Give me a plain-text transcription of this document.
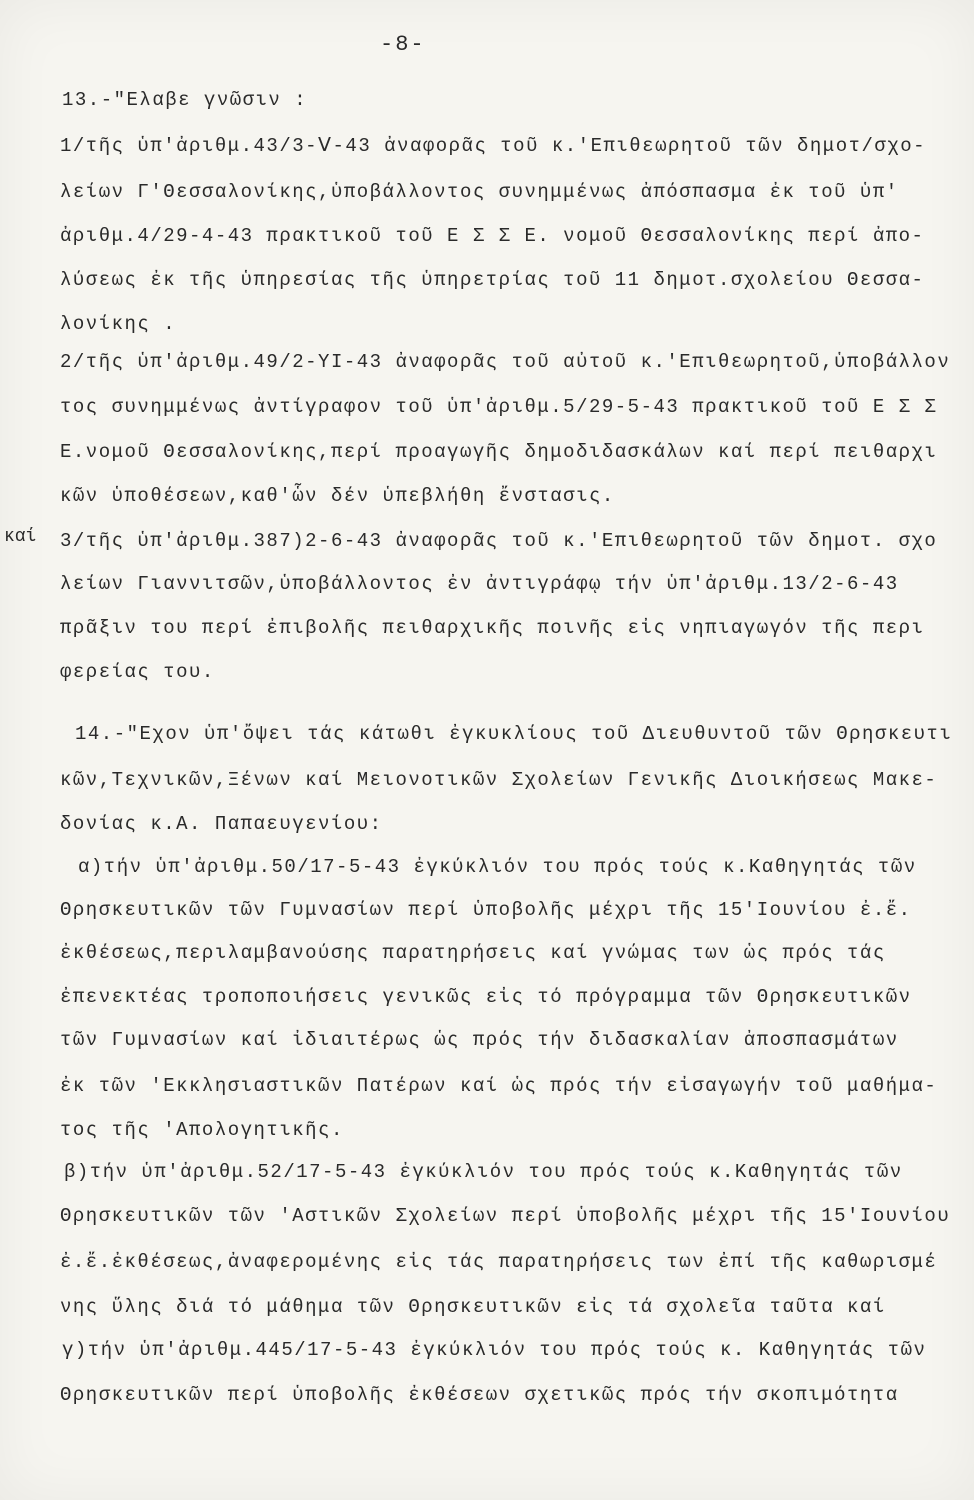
-8-
καί
13.-"Ελαβε γνῶσιν :
1/τῆς ὑπ'ἀριθμ.43/3-Ⅴ-43 ἀναφορᾶς τοῦ κ.'Επιθεωρητοῦ τῶν δημοτ/σχο-
λείων Γ'Θεσσαλονίκης,ὑποβάλλοντος συνημμένως ἀπόσπασμα ἐκ τοῦ ὑπ'
ἀριθμ.4/29-4-43 πρακτικοῦ τοῦ Ε Σ Σ Ε. νομοῦ Θεσσαλονίκης περί ἀπο-
λύσεως ἐκ τῆς ὑπηρεσίας τῆς ὑπηρετρίας τοῦ 11 δημοτ.σχολείου Θεσσα-
λονίκης .
2/τῆς ὑπ'ἀριθμ.49/2-ΥΙ-43 ἀναφορᾶς τοῦ αὐτοῦ κ.'Επιθεωρητοῦ,ὑποβάλλον
τος συνημμένως ἀντίγραφον τοῦ ὑπ'ἀριθμ.5/29-5-43 πρακτικοῦ τοῦ Ε Σ Σ
Ε.νομοῦ Θεσσαλονίκης,περί προαγωγῆς δημοδιδασκάλων καί περί πειθαρχι
κῶν ὑποθέσεων,καθ'ὧν δέν ὑπεβλήθη ἔνστασις.
3/τῆς ὑπ'ἀριθμ.387)2-6-43 ἀναφορᾶς τοῦ κ.'Επιθεωρητοῦ τῶν δημοτ. σχο
λείων Γιαννιτσῶν,ὑποβάλλοντος ἐν ἀντιγράφῳ τήν ὑπ'ἀριθμ.13/2-6-43
πρᾶξιν του περί ἐπιβολῆς πειθαρχικῆς ποινῆς εἰς νηπιαγωγόν τῆς περι
φερείας του.
14.-"Εχον ὑπ'ὄψει τάς κάτωθι ἐγκυκλίους τοῦ Διευθυντοῦ τῶν Θρησκευτι
κῶν,Τεχνικῶν,Ξένων καί Μειονοτικῶν Σχολείων Γενικῆς Διοικήσεως Μακε-
δονίας κ.Α. Παπαευγενίου:
α)τήν ὑπ'ἀριθμ.50/17-5-43 ἐγκύκλιόν του πρός τούς κ.Καθηγητάς τῶν
Θρησκευτικῶν τῶν Γυμνασίων περί ὑποβολῆς μέχρι τῆς 15'Ιουνίου ἐ.ἔ.
ἐκθέσεως,περιλαμβανούσης παρατηρήσεις καί γνώμας των ὡς πρός τάς
ἐπενεκτέας τροποποιήσεις γενικῶς εἰς τό πρόγραμμα τῶν Θρησκευτικῶν
τῶν Γυμνασίων καί ἰδιαιτέρως ὡς πρός τήν διδασκαλίαν ἀποσπασμάτων
ἐκ τῶν 'Εκκλησιαστικῶν Πατέρων καί ὡς πρός τήν εἰσαγωγήν τοῦ μαθήμα-
τος τῆς 'Απολογητικῆς.
β)τήν ὑπ'ἀριθμ.52/17-5-43 ἐγκύκλιόν του πρός τούς κ.Καθηγητάς τῶν
Θρησκευτικῶν τῶν 'Αστικῶν Σχολείων περί ὑποβολῆς μέχρι τῆς 15'Ιουνίου
ἐ.ἔ.ἐκθέσεως,ἀναφερομένης εἰς τάς παρατηρήσεις των ἐπί τῆς καθωρισμέ
νης ὕλης διά τό μάθημα τῶν Θρησκευτικῶν εἰς τά σχολεῖα ταῦτα καί
γ)τήν ὑπ'ἀριθμ.445/17-5-43 ἐγκύκλιόν του πρός τούς κ. Καθηγητάς τῶν
Θρησκευτικῶν περί ὑποβολῆς ἐκθέσεων σχετικῶς πρός τήν σκοπιμότητα
